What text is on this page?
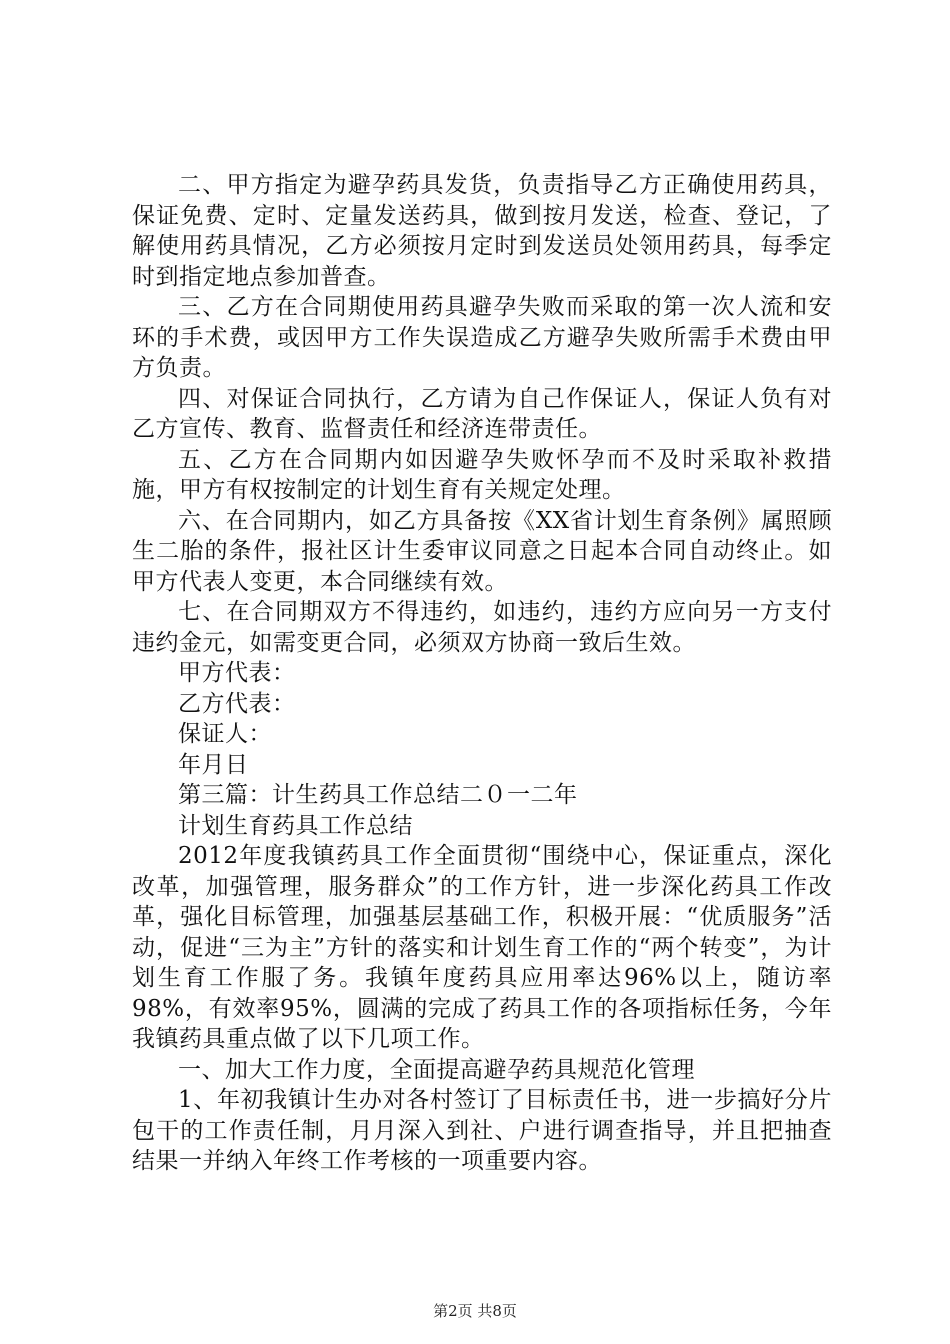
二、甲方指定为避孕药具发货，负责指导乙方正确使用药具，保证免费、定时、定量发送药具，做到按月发送，检查、登记，了解使用药具情况，乙方必须按月定时到发送员处领用药具，每季定时到指定地点参加普查。

三、乙方在合同期使用药具避孕失败而采取的第一次人流和安环的手术费，或因甲方工作失误造成乙方避孕失败所需手术费由甲方负责。

四、对保证合同执行，乙方请为自己作保证人，保证人负有对乙方宣传、教育、监督责任和经济连带责任。

五、乙方在合同期内如因避孕失败怀孕而不及时采取补救措施，甲方有权按制定的计划生育有关规定处理。

六、在合同期内，如乙方具备按《XX省计划生育条例》属照顾生二胎的条件，报社区计生委审议同意之日起本合同自动终止。如甲方代表人变更，本合同继续有效。

七、在合同期双方不得违约，如违约，违约方应向另一方支付违约金元，如需变更合同，必须双方协商一致后生效。

甲方代表：

乙方代表：

保证人：

年月日

第三篇：计生药具工作总结二０一二年

计划生育药具工作总结

2012年度我镇药具工作全面贯彻“围绕中心，保证重点，深化改革，加强管理，服务群众”的工作方针，进一步深化药具工作改革，强化目标管理，加强基层基础工作，积极开展：“优质服务”活动，促进“三为主”方针的落实和计划生育工作的“两个转变”，为计划生育工作服了务。我镇年度药具应用率达96%以上，随访率98%，有效率95%，圆满的完成了药具工作的各项指标任务，今年我镇药具重点做了以下几项工作。

一、加大工作力度，全面提高避孕药具规范化管理

1、年初我镇计生办对各村签订了目标责任书，进一步搞好分片包干的工作责任制，月月深入到社、户进行调查指导，并且把抽查结果一并纳入年终工作考核的一项重要内容。

第2页 共8页
